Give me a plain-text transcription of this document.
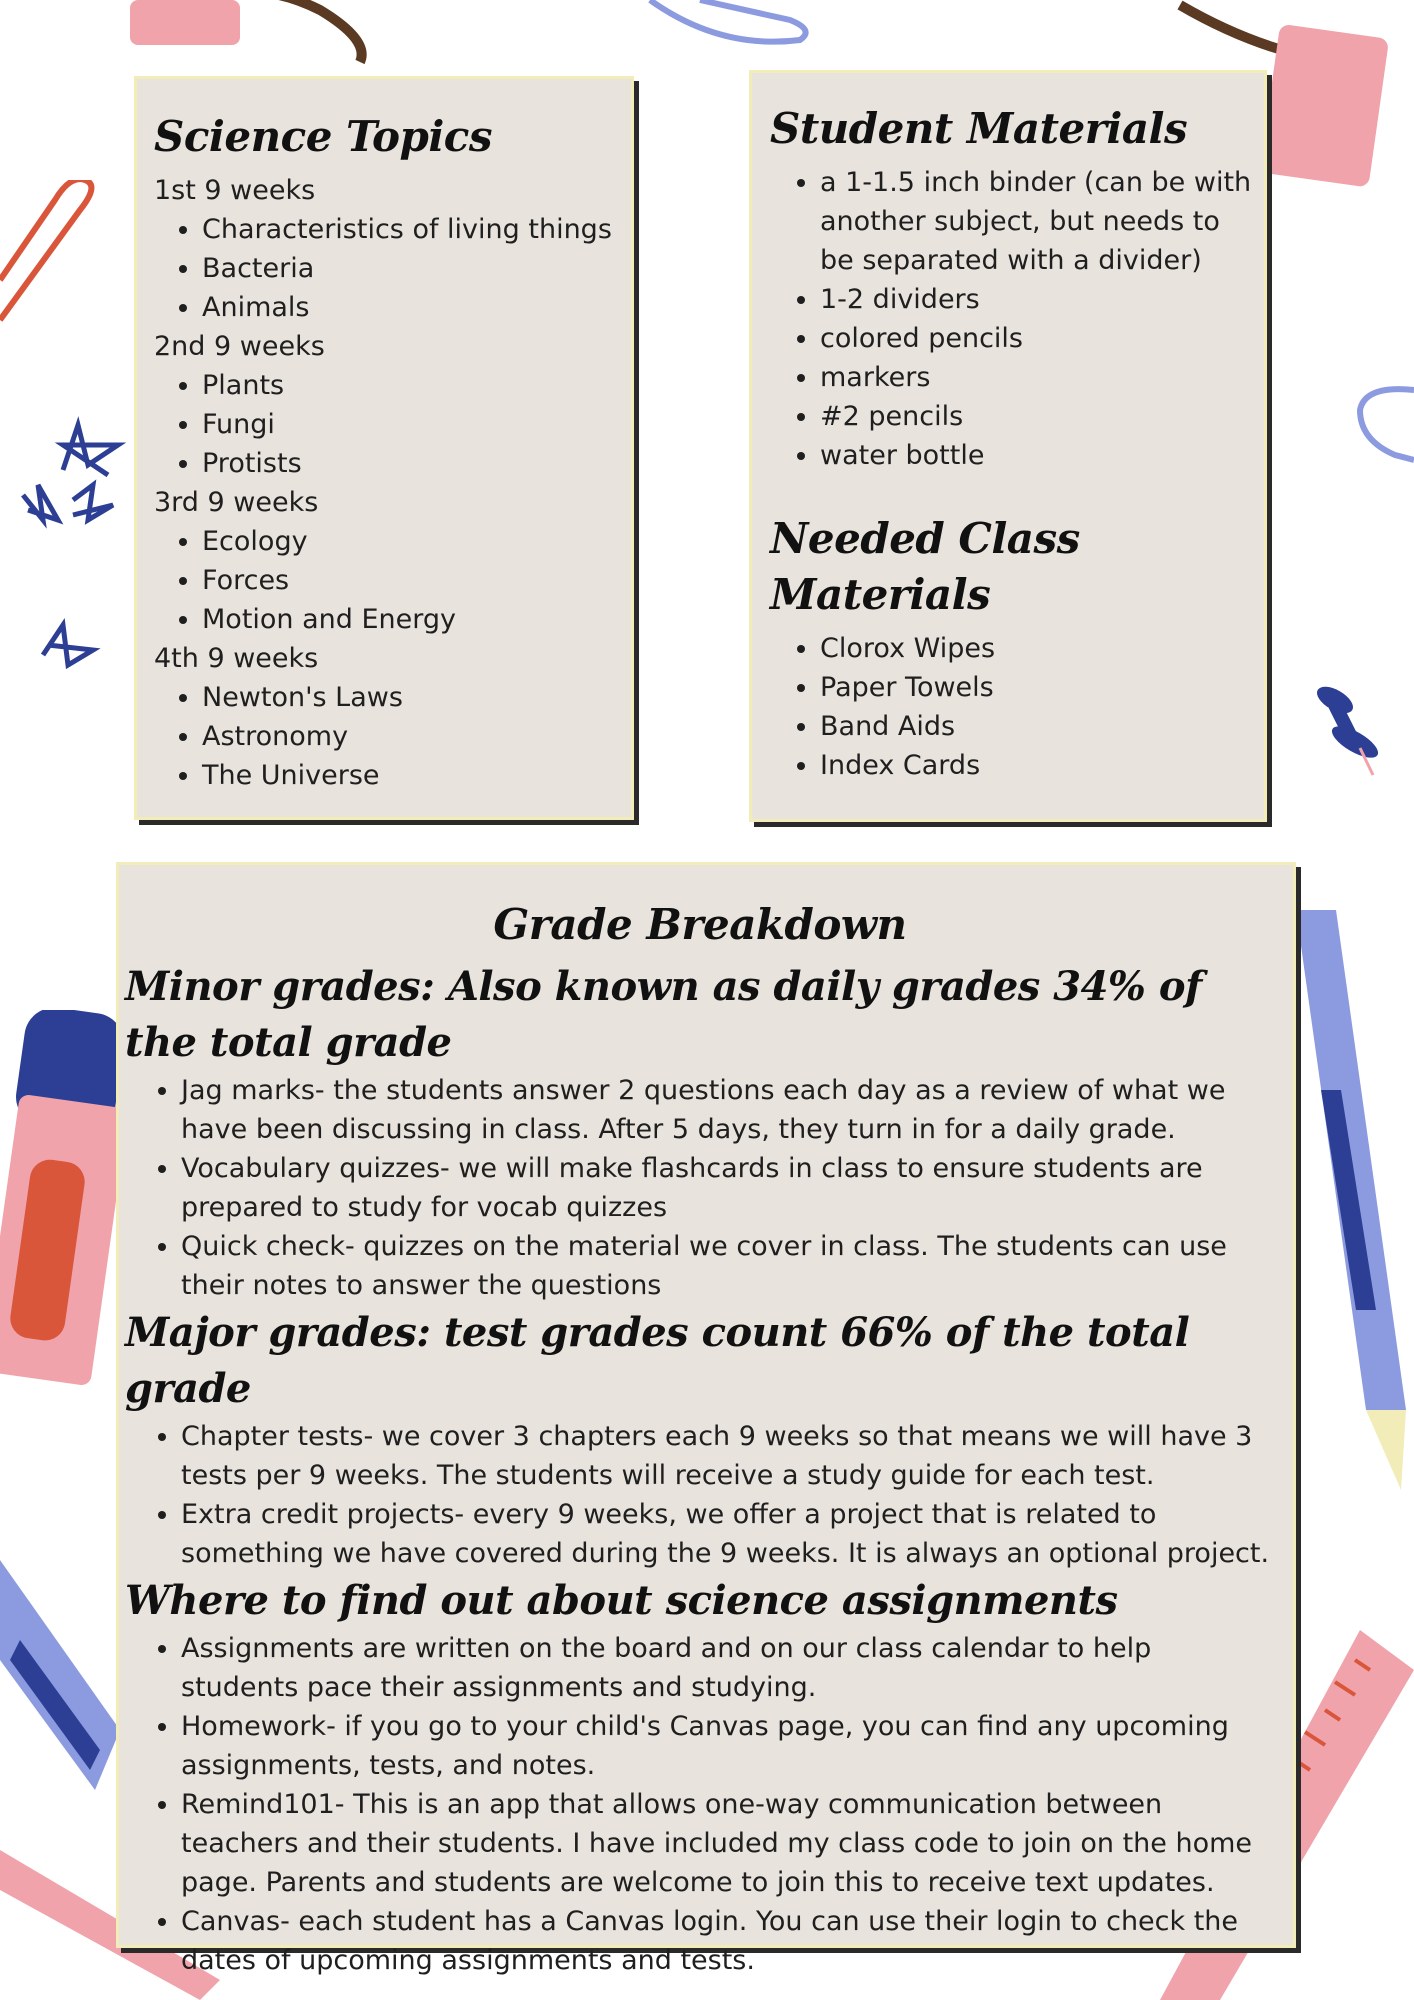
Science Topics
1st 9 weeks
• Characteristics of living things
• Bacteria
• Animals
2nd 9 weeks
• Plants
• Fungi
• Protists
3rd 9 weeks
• Ecology
• Forces
• Motion and Energy
4th 9 weeks
• Newton's Laws
• Astronomy
• The Universe
Student Materials
• a 1-1.5 inch binder (can be with another subject, but needs to be separated with a divider)
• 1-2 dividers
• colored pencils
• markers
• #2 pencils
• water bottle
Needed Class Materials
• Clorox Wipes
• Paper Towels
• Band Aids
• Index Cards
Grade Breakdown
Minor grades: Also known as daily grades 34% of the total grade
• Jag marks- the students answer 2 questions each day as a review of what we have been discussing in class. After 5 days, they turn in for a daily grade.
• Vocabulary quizzes- we will make flashcards in class to ensure students are prepared to study for vocab quizzes
• Quick check- quizzes on the material we cover in class. The students can use their notes to answer the questions
Major grades: test grades count 66% of the total grade
• Chapter tests- we cover 3 chapters each 9 weeks so that means we will have 3 tests per 9 weeks. The students will receive a study guide for each test.
• Extra credit projects- every 9 weeks, we offer a project that is related to something we have covered during the 9 weeks. It is always an optional project.
Where to find out about science assignments
• Assignments are written on the board and on our class calendar to help students pace their assignments and studying.
• Homework- if you go to your child's Canvas page, you can find any upcoming assignments, tests, and notes.
• Remind101- This is an app that allows one-way communication between teachers and their students. I have included my class code to join on the home page. Parents and students are welcome to join this to receive text updates.
• Canvas- each student has a Canvas login. You can use their login to check the dates of upcoming assignments and tests.
